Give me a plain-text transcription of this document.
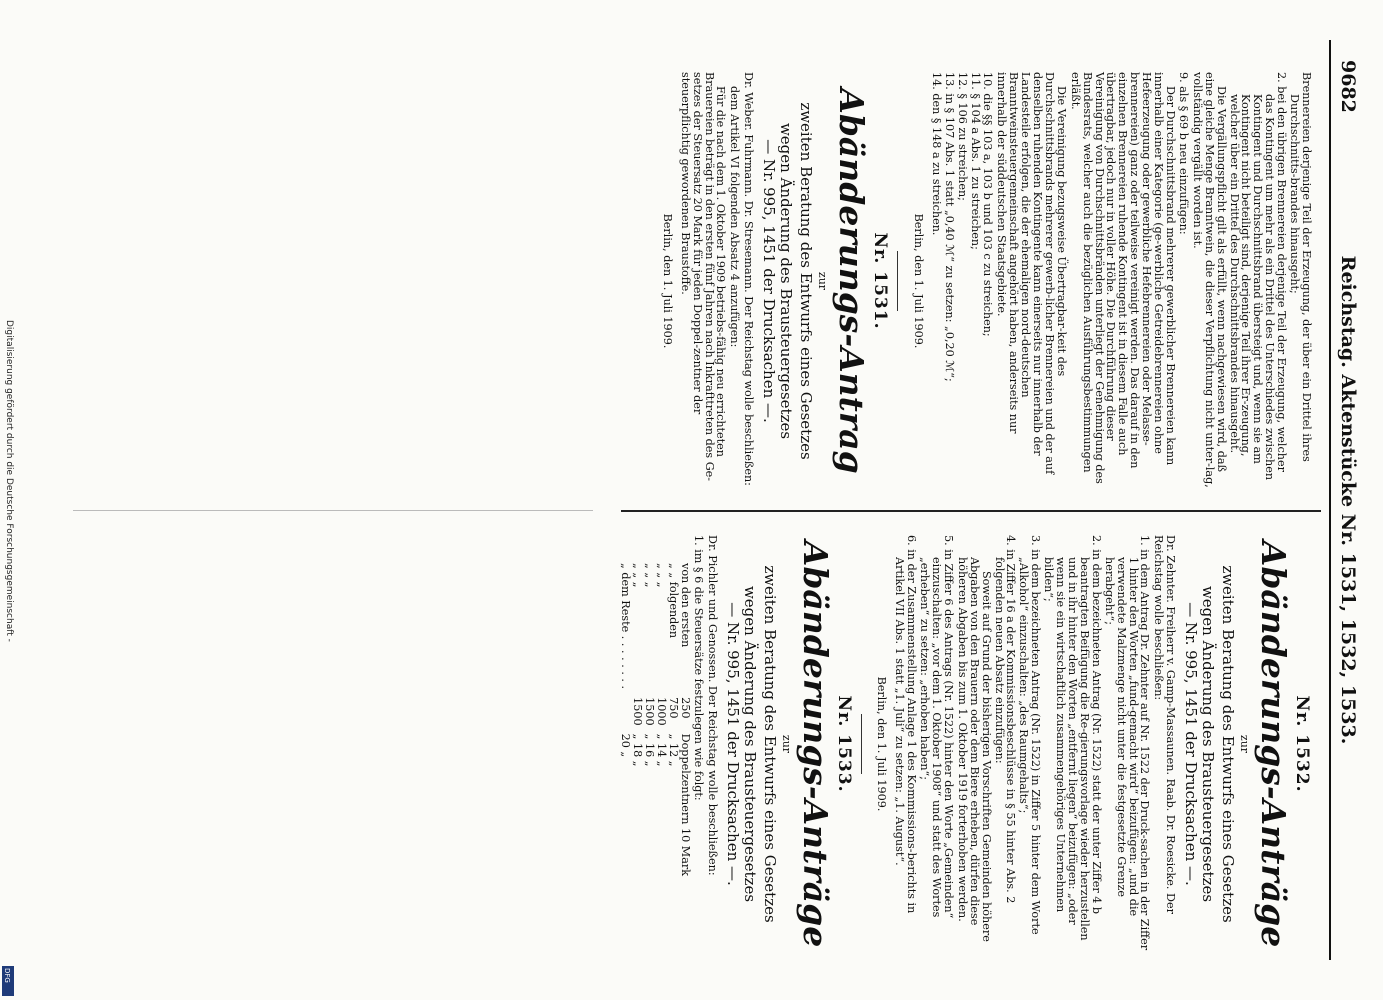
9682
Reichstag. Aktenstücke Nr. 1531, 1532, 1533.

Brennereien derjenige Teil der Erzeugung, der über ein Drittel ihres Durchschnitts-brandes hinausgeht;

2. bei den übrigen Brennereien derjenige Teil der Erzeugung, welcher das Kontingent um mehr als ein Drittel des Unterschiedes zwischen Kontingent und Durchschnittsbrand übersteigt und, wenn sie am Kontingent nicht beteiligt sind, derjenige Teil ihrer Er-zeugung, welcher über ein Drittel des Durchschnittsbrandes hinausgeht.

Die Vergällungspflicht gilt als erfüllt, wenn nachgewiesen wird, daß eine gleiche Menge Branntwein, die dieser Verpflichtung nicht unter-lag, vollständig vergällt worden ist.

9. als § 69 b neu einzufügen:

Der Durchschnittsbrand mehrerer gewerblicher Brennereien kann innerhalb einer Kategorie (ge-werbliche Getreidebrennereien ohne Hefeerzeugung oder gewerbliche Hefebrennereien oder Melasse-brennereien) ganz oder teilweise vereinigt werden. Das darauf in den einzelnen Brennereien ruhende Kontingent ist in diesem Falle auch übertragbar, jedoch nur in voller Höhe. Die Durchführung dieser Vereinigung von Durchschnittsbränden unterliegt der Genehmigung des Bundesrats, welcher auch die bezüglichen Ausführungsbestimmungen erläßt.

Die Vereinigung bezugsweise Übertragbar-keit des Durchschnittsbrands mehrerer gewerb-licher Brennereien und der auf denselben ruhenden Kontingente kann einerseits nur innerhalb der Landesteile erfolgen, die der ehemaligen nord-deutschen Branntweinsteuergemeinschaft angehört haben, anderseits nur innerhalb der süddeutschen Staatsgebiete.

10. die §§ 103 a, 103 b und 103 c zu streichen;

11. § 104 a Abs. 1 zu streichen;

12. § 106 zu streichen;

13. in § 107 Abs. 1 statt „0,40 ℳ“ zu setzen: „0,20 ℳ“;

14. den § 148 a zu streichen.

Berlin, den 1. Juli 1909.

Nr. 1531.
Abänderungs-Antrag
zur
zweiten Beratung des Entwurfs eines Gesetzes
wegen Änderung des Brausteuergesetzes
— Nr. 995, 1451 der Drucksachen —.

Dr. Weber. Fuhrmann. Dr. Stresemann. Der Reichstag wolle beschließen:

dem Artikel VI folgenden Absatz 4 anzufügen:

Für die nach dem 1. Oktober 1909 betriebs-fähig neu errichteten Brauereien beträgt in den ersten fünf Jahren nach Inkrafttreten des Ge-setzes der Steuersatz 20 Mark für jeden Doppel-zentner der steuerpflichtig gewordenen Braustoffe.

Berlin, den 1. Juli 1909.

Nr. 1532.
Abänderungs-Anträge
zur
zweiten Beratung des Entwurfs eines Gesetzes
wegen Änderung des Brausteuergesetzes
— Nr. 995, 1451 der Drucksachen —.

Dr. Zehnter. Freiherr v. Gamp-Massaunen. Raab. Dr. Roesicke. Der Reichstag wolle beschließen:

1. in dem Antrag Dr. Zehnter auf Nr. 1522 der Druck-sachen in der Ziffer 1 hinter den Worten „fund-gemacht wird“ beizufügen: „und die verwendete Malzmenge nicht unter die festgesetzte Grenze herabgeht“;

2. in dem bezeichneten Antrag (Nr. 1522) statt der unter Ziffer 4 b beantragten Beifügung die Re-gierungsvorlage wieder herzustellen und in ihr hinter den Worten „entfernt liegen“ beizufügen: „oder wenn sie ein wirtschaftlich zusammengehöriges Unternehmen bilden“;

3. in dem bezeichneten Antrag (Nr. 1522) in Ziffer 5 hinter dem Worte „Alkohol“ einzuschalten: „des Raumgehalts“;

4. in Ziffer 16 a der Kommissionsbeschlüsse in § 55 hinter Abs. 2 folgenden neuen Absatz einzufügen:

Soweit auf Grund der bisherigen Vorschriften Gemeinden höhere Abgaben von den Brauern oder dem Biere erheben, dürfen diese höheren Abgaben bis zum 1. Oktober 1919 forterhoben werden.

5. in Ziffer 6 des Antrags (Nr. 1522) hinter den Worte „Gemeinden“ einzuschalten: „vor dem 1. Oktober 1908“ und statt des Wortes „erheben“ zu setzen: „erhoben haben“;

6. in der Zusammenstellung Anlage 1 des Kommissions-berichts in Artikel VII Abs. 1 statt „1. Juli“ zu setzen: „1. August“.

Berlin, den 1. Juli 1909.

Nr. 1533.
Abänderungs-Anträge
zur
zweiten Beratung des Entwurfs eines Gesetzes
wegen Änderung des Brausteuergesetzes
— Nr. 995, 1451 der Drucksachen —.

Dr. Pichler und Genossen. Der Reichstag wolle beschließen:

1. im § 6 die Steuersätze festzulegen wie folgt:

von den ersten	250	Doppelzentnern 10 Mark
„ „ folgenden	750	„ 12 „
„ „ „	1000	„ 14 „
„ „ „	1500	„ 16 „
„ „ „	1500	„ 18 „
„ dem Reste . . . . . . . .		20 „
Digitalisierung gefördert durch die Deutsche Forschungsgemeinschaft -
DFG
